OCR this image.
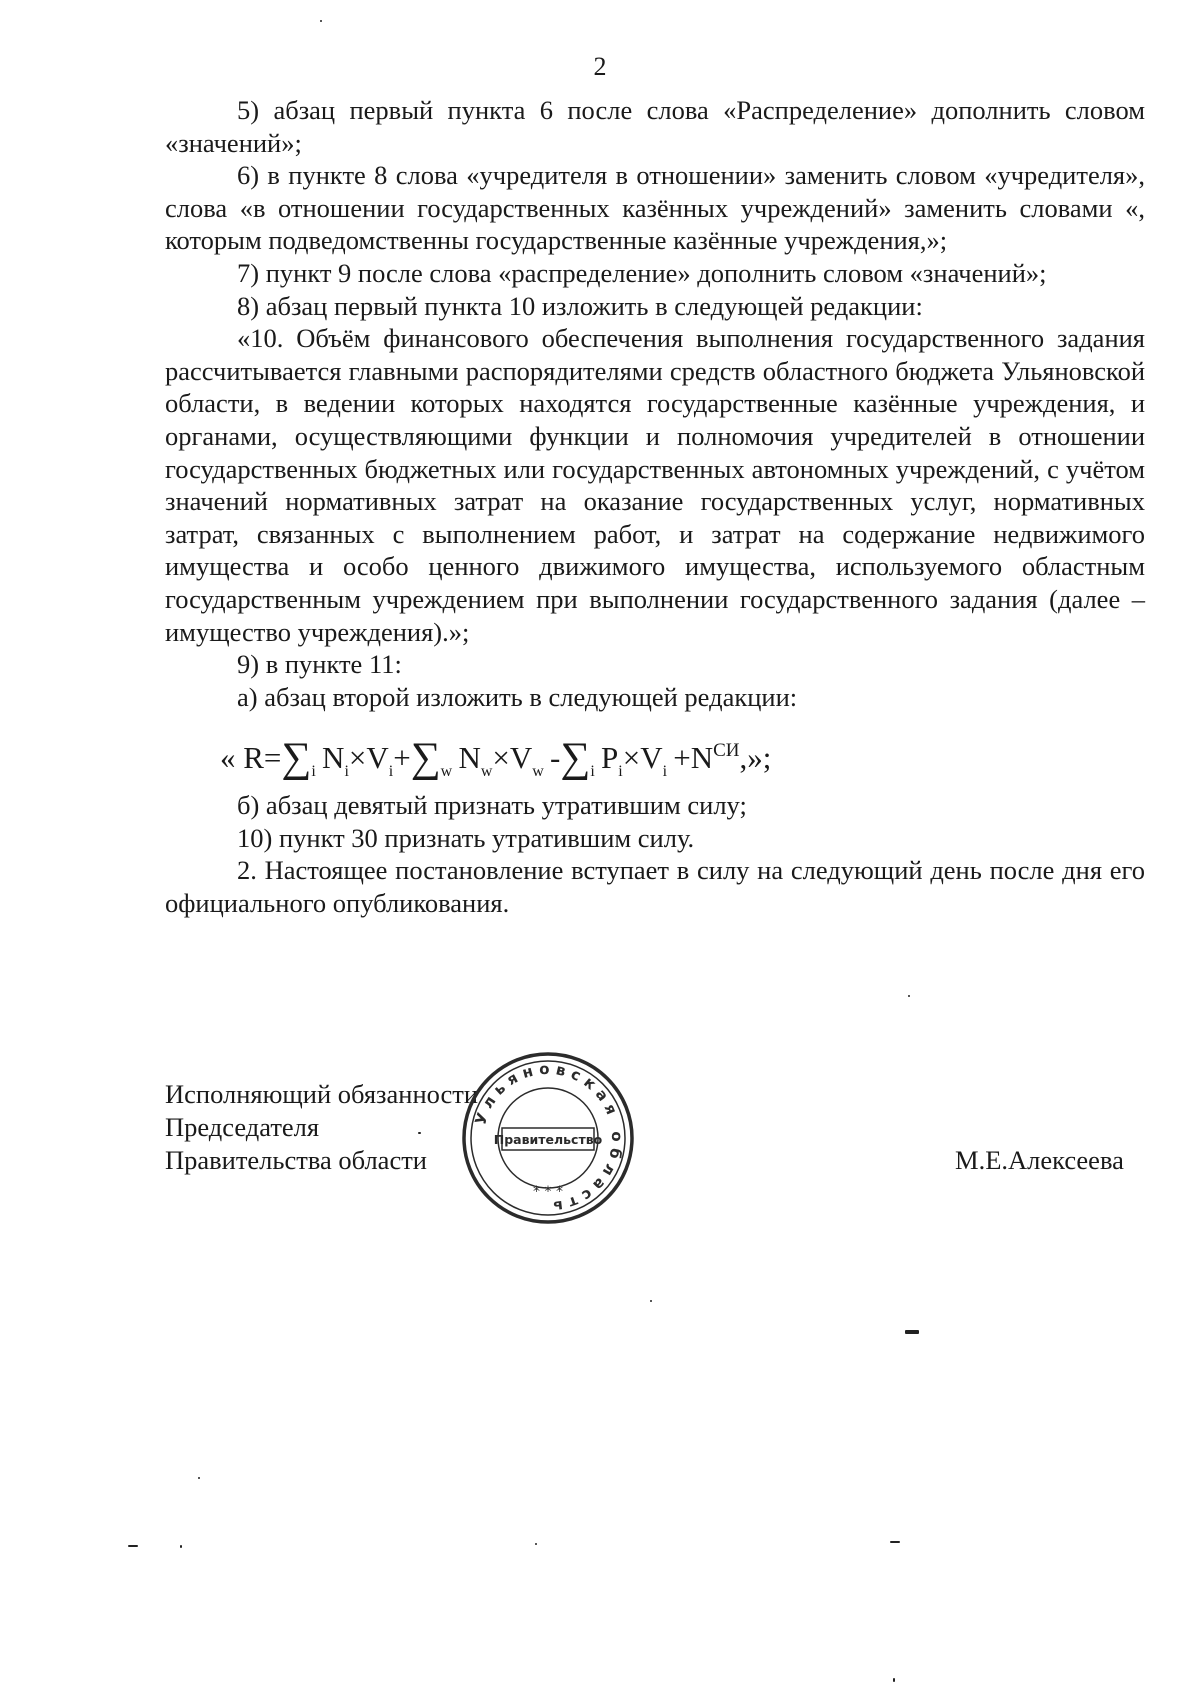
2

5) абзац первый пункта 6 после слова «Распределение» дополнить словом «значений»;

6) в пункте 8 слова «учредителя в отношении» заменить словом «учредителя», слова «в отношении государственных казённых учреждений» заменить словами «, которым подведомственны государственные казённые учреждения,»;

7) пункт 9 после слова «распределение» дополнить словом «значений»;

8) абзац первый пункта 10 изложить в следующей редакции:

«10. Объём финансового обеспечения выполнения государственного задания рассчитывается главными распорядителями средств областного бюджета Ульяновской области, в ведении которых находятся государственные казённые учреждения, и органами, осуществляющими функции и полномочия учредителей в отношении государственных бюджетных или государственных автономных учреждений, с учётом значений нормативных затрат на оказание государственных услуг, нормативных затрат, связанных с выполнением работ, и затрат на содержание недвижимого имущества и особо ценного движимого имущества, используемого областным государственным учреждением при выполнении государственного задания (далее – имущество учреждения).»;

9) в пункте 11:

а) абзац второй изложить в следующей редакции:

« $R=\sum_i$  $N_i\times V_i+\sum_w$  $N_w\times V_w$  $-\sum_i$  $P_i\times V_i +N^{СИ}$,»;

б) абзац девятый признать утратившим силу;

10) пункт 30 признать утратившим силу.

2. Настоящее постановление вступает в силу на следующий день после дня его официального опубликования.

Исполняющий обязанности
Председателя
Правительства области
Ульяновская область
Правительство
* * *
М.Е.Алексеева
